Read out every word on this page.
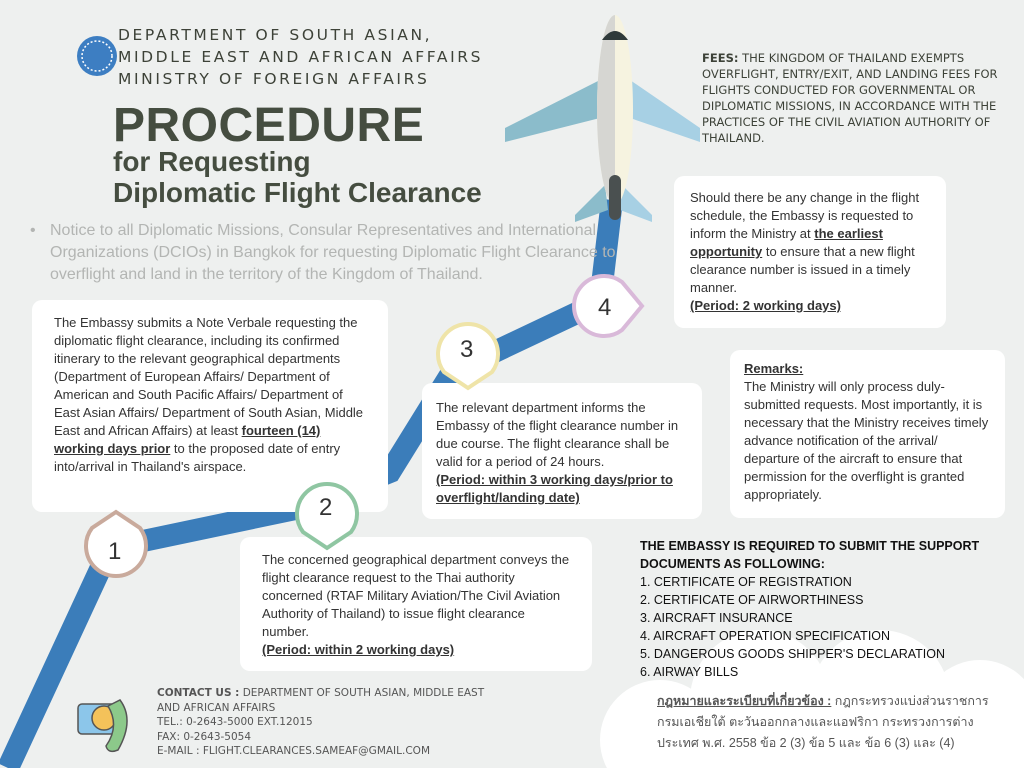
DEPARTMENT OF SOUTH ASIAN,
MIDDLE EAST AND AFRICAN AFFAIRS
MINISTRY OF FOREIGN AFFAIRS
PROCEDURE
for Requesting
Diplomatic Flight Clearance
• Notice to all Diplomatic Missions, Consular Representatives and International Organizations (DCIOs) in Bangkok for requesting Diplomatic Flight Clearance to overflight and land in the territory of the Kingdom of Thailand.
FEES: THE KINGDOM OF THAILAND EXEMPTS OVERFLIGHT, ENTRY/EXIT, AND LANDING FEES FOR FLIGHTS CONDUCTED FOR GOVERNMENTAL OR DIPLOMATIC MISSIONS, IN ACCORDANCE WITH THE PRACTICES OF THE CIVIL AVIATION AUTHORITY OF THAILAND.
The Embassy submits a Note Verbale requesting the diplomatic flight clearance, including its confirmed itinerary to the relevant geographical departments (Department of European Affairs/ Department of American and South Pacific Affairs/ Department of East Asian Affairs/ Department of South Asian, Middle East and African Affairs) at least fourteen (14) working days prior to the proposed date of entry into/arrival in Thailand's airspace.
The concerned geographical department conveys the flight clearance request to the Thai authority concerned (RTAF Military Aviation/The Civil Aviation Authority of Thailand) to issue flight clearance number.
(Period: within 2 working days)
The relevant department informs the Embassy of the flight clearance number in due course. The flight clearance shall be valid for a period of 24 hours.
(Period: within 3 working days/prior to overflight/landing date)
Should there be any change in the flight schedule, the Embassy is requested to inform the Ministry at the earliest opportunity to ensure that a new flight clearance number is issued in a timely manner.
(Period: 2 working days)
Remarks:
The Ministry will only process duly-submitted requests. Most importantly, it is necessary that the Ministry receives timely advance notification of the arrival/ departure of the aircraft to ensure that permission for the overflight is granted appropriately.
1
2
3
4
THE EMBASSY IS REQUIRED TO SUBMIT THE SUPPORT DOCUMENTS AS FOLLOWING:
1. CERTIFICATE OF REGISTRATION
2. CERTIFICATE OF AIRWORTHINESS
3. AIRCRAFT INSURANCE
4. AIRCRAFT OPERATION SPECIFICATION
5. DANGEROUS GOODS SHIPPER'S DECLARATION
6. AIRWAY BILLS
CONTACT US : DEPARTMENT OF SOUTH ASIAN, MIDDLE EAST
AND AFRICAN AFFAIRS
TEL.: 0-2643-5000 EXT.12015
FAX: 0-2643-5054
E-MAIL : FLIGHT.CLEARANCES.SAMEAF@GMAIL.COM
กฎหมายและระเบียบที่เกี่ยวข้อง : กฎกระทรวงแบ่งส่วนราชการกรมเอเชียใต้ ตะวันออกกลางและแอฟริกา กระทรวงการต่างประเทศ พ.ศ. 2558 ข้อ 2 (3) ข้อ 5 และ ข้อ 6 (3) และ (4)
